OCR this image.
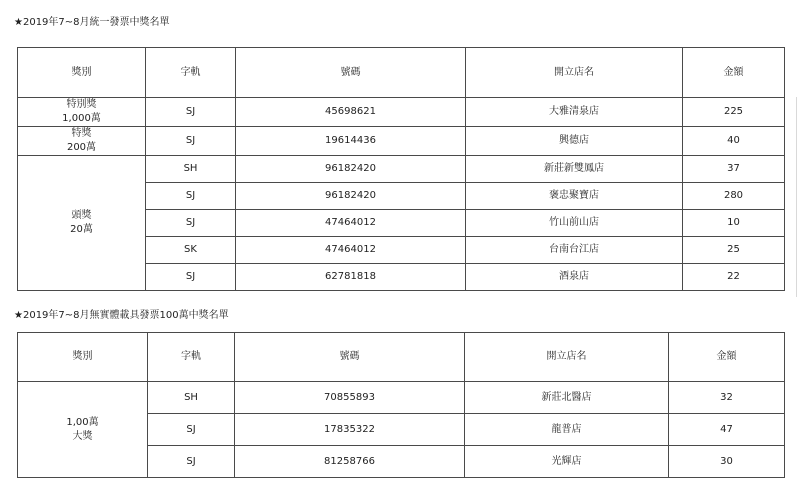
★2019年7~8月統一發票中獎名單
獎別	字軌	號碼	開立店名	金額

特別獎
1,000萬	SJ	45698621	大雅清泉店	225

特獎
200萬	SJ	19614436	興德店	40

頭獎
20萬	SH	96182420	新莊新雙鳳店	37
	SJ	96182420	褒忠聚寶店	280
	SJ	47464012	竹山前山店	10
	SK	47464012	台南台江店	25
	SJ	62781818	酒泉店	22
★2019年7~8月無實體載具發票100萬中獎名單
獎別	字軌	號碼	開立店名	金額

1,00萬
大獎	SH	70855893	新莊北醫店	32
	SJ	17835322	龍普店	47
	SJ	81258766	光輝店	30
